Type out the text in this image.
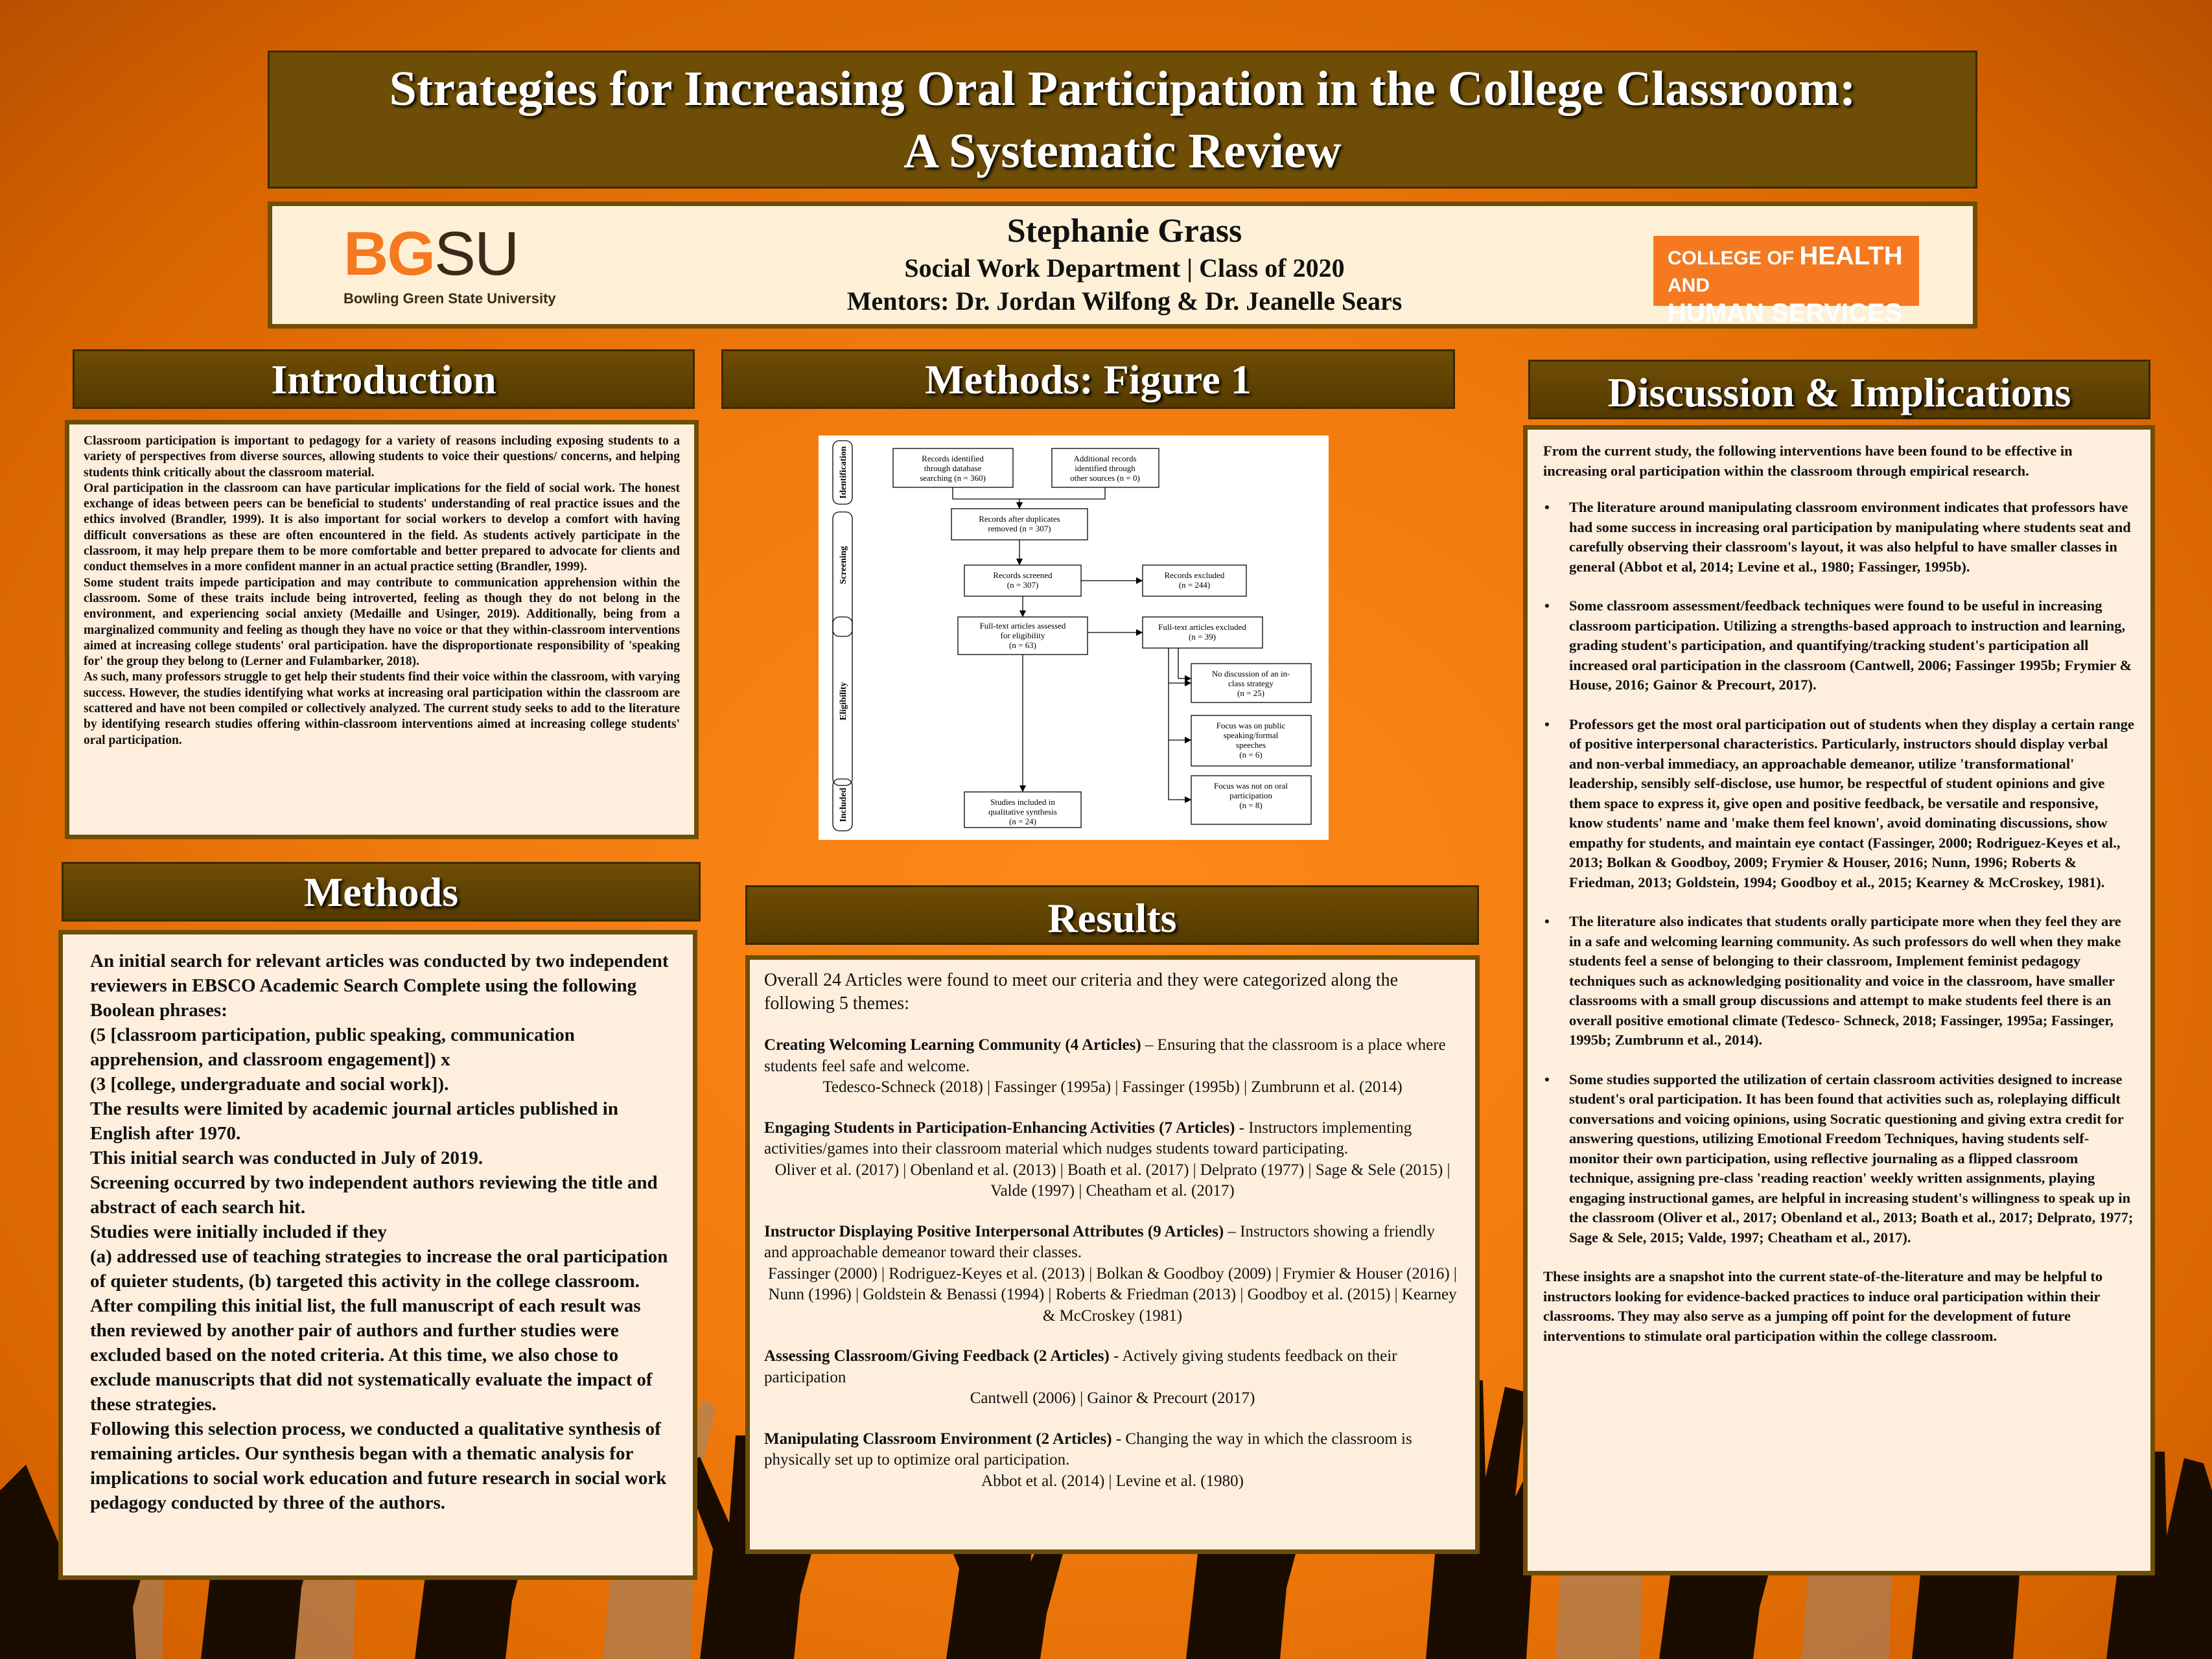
Strategies for Increasing Oral Participation in the College Classroom:
A Systematic Review
BGSU
Bowling Green State University
Stephanie Grass
Social Work Department | Class of 2020
Mentors: Dr. Jordan Wilfong & Dr. Jeanelle Sears
COLLEGE OF HEALTH AND
HUMAN SERVICES
Introduction

Classroom participation is important to pedagogy for a variety of reasons including exposing students to a variety of perspectives from diverse sources, allowing students to voice their questions/ concerns, and helping students think critically about the classroom material.

Oral participation in the classroom can have particular implications for the field of social work. The honest exchange of ideas between peers can be beneficial to students' understanding of real practice issues and the ethics involved (Brandler, 1999). It is also important for social workers to develop a comfort with having difficult conversations as these are often encountered in the field. As students actively participate in the classroom, it may help prepare them to be more comfortable and better prepared to advocate for clients and conduct themselves in a more confident manner in an actual practice setting (Brandler, 1999).

Some student traits impede participation and may contribute to communication apprehension within the classroom. Some of these traits include being introverted, feeling as though they do not belong in the environment, and experiencing social anxiety (Medaille and Usinger, 2019). Additionally, being from a marginalized community and feeling as though they have no voice or that they within-classroom interventions aimed at increasing college students' oral participation. have the disproportionate responsibility of 'speaking for' the group they belong to (Lerner and Fulambarker, 2018).

As such, many professors struggle to get help their students find their voice within the classroom, with varying success. However, the studies identifying what works at increasing oral participation within the classroom are scattered and have not been compiled or collectively analyzed. The current study seeks to add to the literature by identifying research studies offering within-classroom interventions aimed at increasing college students' oral participation.

Methods

An initial search for relevant articles was conducted by two independent reviewers in EBSCO Academic Search Complete using the following Boolean phrases:

(5 [classroom participation, public speaking, communication apprehension, and classroom engagement]) x

(3 [college, undergraduate and social work]).

The results were limited by academic journal articles published in English after 1970.

This initial search was conducted in July of 2019.

Screening occurred by two independent authors reviewing the title and abstract of each search hit.

Studies were initially included if they

(a) addressed use of teaching strategies to increase the oral participation of quieter students, (b) targeted this activity in the college classroom.

After compiling this initial list, the full manuscript of each result was then reviewed by another pair of authors and further studies were excluded based on the noted criteria. At this time, we also chose to exclude manuscripts that did not systematically evaluate the impact of these strategies.

Following this selection process, we conducted a qualitative synthesis of remaining articles. Our synthesis began with a thematic analysis for implications to social work education and future research in social work pedagogy conducted by three of the authors.

Methods: Figure 1
Identification
Screening
Eligibility
Included
Records identified
through database
searching (n = 360)
Additional records
identified through
other sources (n = 0)
Records after duplicates
removed (n = 307)
Records screened
(n = 307)
Records excluded
(n = 244)
Full-text articles assessed
for eligibility
(n = 63)
Full-text articles excluded
(n = 39)
No discussion of an in-
class strategy
(n = 25)
Focus was on public
speaking/formal
speeches
(n = 6)
Focus was not on oral
participation
(n = 8)
Studies included in
qualitative synthesis
(n = 24)
Results

Overall 24 Articles were found to meet our criteria and they were categorized along the following 5 themes:

Creating Welcoming Learning Community (4 Articles) – Ensuring that the classroom is a place where students feel safe and welcome.

Tedesco-Schneck (2018) | Fassinger (1995a) | Fassinger (1995b) | Zumbrunn et al. (2014)

Engaging Students in Participation-Enhancing Activities (7 Articles) - Instructors implementing activities/games into their classroom material which nudges students toward participating.

Oliver et al. (2017) | Obenland et al. (2013) | Boath et al. (2017) | Delprato (1977) | Sage & Sele (2015) | Valde (1997) | Cheatham et al. (2017)

Instructor Displaying Positive Interpersonal Attributes (9 Articles) – Instructors showing a friendly and approachable demeanor toward their classes.

Fassinger (2000) | Rodriguez-Keyes et al. (2013) | Bolkan & Goodboy (2009) | Frymier & Houser (2016) | Nunn (1996) | Goldstein & Benassi (1994) | Roberts & Friedman (2013) | Goodboy et al. (2015) | Kearney & McCroskey (1981)

Assessing Classroom/Giving Feedback (2 Articles) - Actively giving students feedback on their participation

Cantwell (2006) | Gainor & Precourt (2017)

Manipulating Classroom Environment (2 Articles) - Changing the way in which the classroom is physically set up to optimize oral participation.

Abbot et al. (2014) | Levine et al. (1980)

Discussion & Implications

From the current study, the following interventions have been found to be effective in increasing oral participation within the classroom through empirical research.

• The literature around manipulating classroom environment indicates that professors have had some success in increasing oral participation by manipulating where students seat and carefully observing their classroom's layout, it was also helpful to have smaller classes in general (Abbot et al, 2014; Levine et al., 1980; Fassinger, 1995b).
• Some classroom assessment/feedback techniques were found to be useful in increasing classroom participation. Utilizing a strengths-based approach to instruction and learning, grading student's participation, and quantifying/tracking student's participation all increased oral participation in the classroom (Cantwell, 2006; Fassinger 1995b; Frymier & House, 2016; Gainor & Precourt, 2017).
• Professors get the most oral participation out of students when they display a certain range of positive interpersonal characteristics. Particularly, instructors should display verbal and non-verbal immediacy, an approachable demeanor, utilize 'transformational' leadership, sensibly self-disclose, use humor, be respectful of student opinions and give them space to express it, give open and positive feedback, be versatile and responsive, know students' name and 'make them feel known', avoid dominating discussions, show empathy for students, and maintain eye contact (Fassinger, 2000; Rodriguez-Keyes et al., 2013; Bolkan & Goodboy, 2009; Frymier & Houser, 2016; Nunn, 1996; Roberts & Friedman, 2013; Goldstein, 1994; Goodboy et al., 2015; Kearney & McCroskey, 1981).
• The literature also indicates that students orally participate more when they feel they are in a safe and welcoming learning community. As such professors do well when they make students feel a sense of belonging to their classroom, Implement feminist pedagogy techniques such as acknowledging positionality and voice in the classroom, have smaller classrooms with a small group discussions and attempt to make students feel there is an overall positive emotional climate (Tedesco- Schneck, 2018; Fassinger, 1995a; Fassinger, 1995b; Zumbrunn et al., 2014).
• Some studies supported the utilization of certain classroom activities designed to increase student's oral participation. It has been found that activities such as, roleplaying difficult conversations and voicing opinions, using Socratic questioning and giving extra credit for answering questions, utilizing Emotional Freedom Techniques, having students self-monitor their own participation, using reflective journaling as a flipped classroom technique, assigning pre-class 'reading reaction' weekly written assignments, playing engaging instructional games, are helpful in increasing student's willingness to speak up in the classroom (Oliver et al., 2017; Obenland et al., 2013; Boath et al., 2017; Delprato, 1977; Sage & Sele, 2015; Valde, 1997; Cheatham et al., 2017).

These insights are a snapshot into the current state-of-the-literature and may be helpful to instructors looking for evidence-backed practices to induce oral participation within their classrooms. They may also serve as a jumping off point for the development of future interventions to stimulate oral participation within the college classroom.
